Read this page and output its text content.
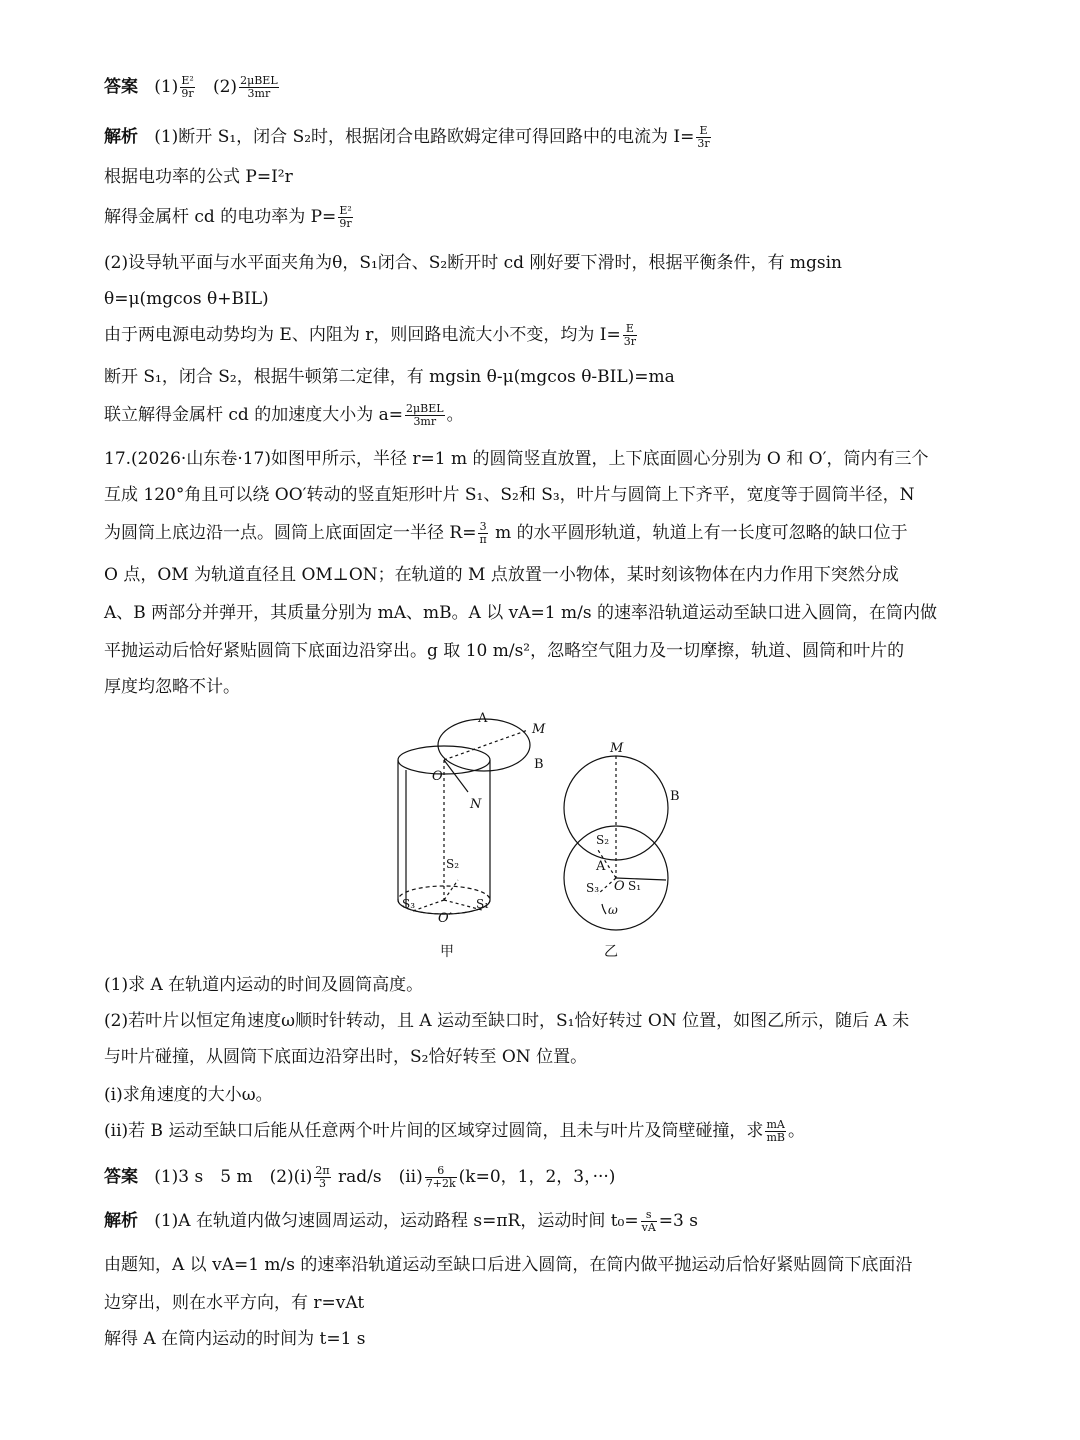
答案 $(1) \frac{\text{E²}}{9r} (2) \frac{\text{2μBEL}}{3mr}$
解析 (1)断开 S₁，闭合 S₂时，根据闭合电路欧姆定律可得回路中的电流为 $I= \frac{E}{3r}$
根据电功率的公式 P=I²r
解得金属杆 cd 的电功率为 $P= \frac{\text{E²}}{9r}$
(2)设导轨平面与水平面夹角为θ，S₁闭合、S₂断开时 cd 刚好要下滑时，根据平衡条件，有 mgsin
θ=μ(mgcos θ+BIL)
由于两电源电动势均为 E、内阻为 r，则回路电流大小不变，均为 $I= \frac{E}{3r}$
断开 S₁，闭合 S₂，根据牛顿第二定律，有 mgsin θ-μ(mgcos θ-BIL)=ma
联立解得金属杆 cd 的加速度大小为 $a= \frac{\text{2μBEL}}{3mr}$ 。
17.(2026·山东卷·17)如图甲所示，半径 r=1 m 的圆筒竖直放置，上下底面圆心分别为 O 和 O′，筒内有三个
互成 120°角且可以绕 OO′转动的竖直矩形叶片 S₁、S₂和 S₃，叶片与圆筒上下齐平，宽度等于圆筒半径，N
为圆筒上底边沿一点。圆筒上底面固定一半径 $R= \frac{3}{\pi}$ m 的水平圆形轨道，轨道上有一长度可忽略的缺口位于
O 点，OM 为轨道直径且 OM⊥ON；在轨道的 M 点放置一小物体，某时刻该物体在内力作用下突然分成
A、B 两部分并弹开，其质量分别为 mA、mB。A 以 vA=1 m/s 的速率沿轨道运动至缺口进入圆筒，在筒内做
平抛运动后恰好紧贴圆筒下底面边沿穿出。g 取 10 m/s²，忽略空气阻力及一切摩擦，轨道、圆筒和叶片的
厚度均忽略不计。
A
M
B
O
N
S₂
S₃	S₁
O′
甲
M
B
S₂
A
O S₁
S₃
ω
乙
(1)求 A 在轨道内运动的时间及圆筒高度。
(2)若叶片以恒定角速度ω顺时针转动，且 A 运动至缺口时，S₁恰好转过 ON 位置，如图乙所示，随后 A 未
与叶片碰撞，从圆筒下底面边沿穿出时，S₂恰好转至 ON 位置。
(i)求角速度的大小ω。
(ii)若 B 运动至缺口后能从任意两个叶片间的区域穿过圆筒，且未与叶片及筒壁碰撞，求 $\frac{mA}{mB}$ 。
答案 (1)3 s　5 m　$(2)(i) \frac{2\pi}{3} rad/s$　$(ii) \frac{6}{7+2k} (k=0$，1，2，3，···)
解析 (1)A 在轨道内做匀速圆周运动，运动路程 s=πR，运动时间 $t_0= \frac{s}{vA} =3$ s
由题知，A 以 vA=1 m/s 的速率沿轨道运动至缺口后进入圆筒，在筒内做平抛运动后恰好紧贴圆筒下底面沿
边穿出，则在水平方向，有 r=vAt
解得 A 在筒内运动的时间为 t=1 s
